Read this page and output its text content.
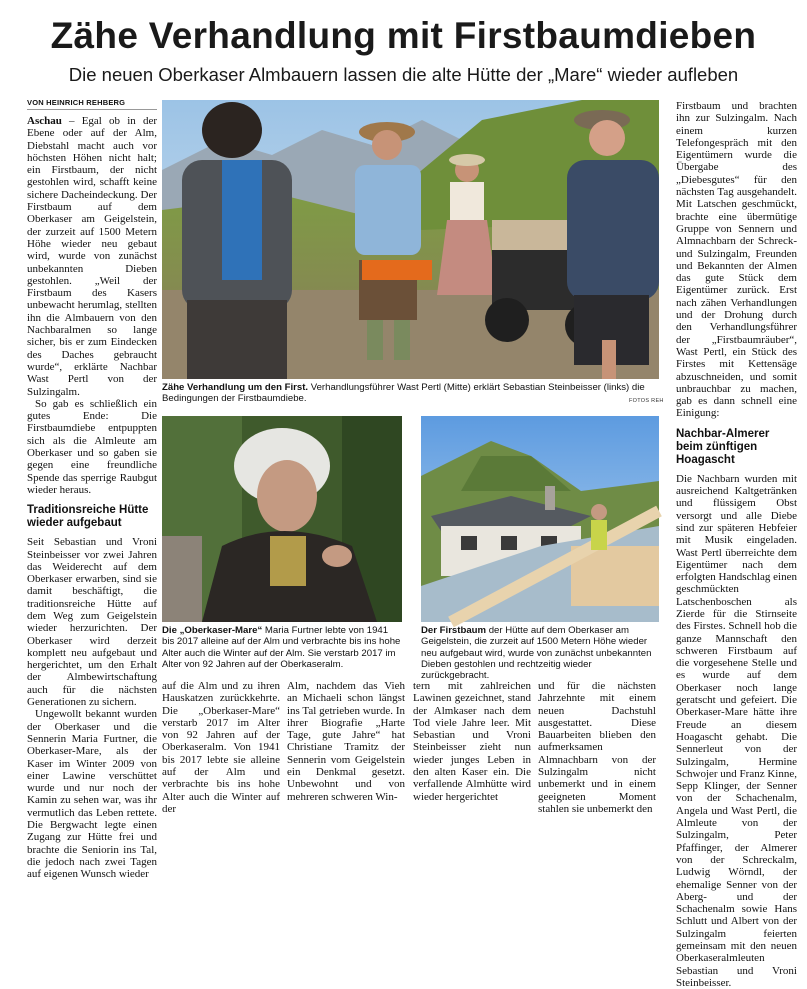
Zähe Verhandlung mit Firstbaumdieben
Die neuen Oberkaser Almbauern lassen die alte Hütte der „Mare“ wieder aufleben
VON HEINRICH REHBERG

Aschau – Egal ob in der Ebene oder auf der Alm, Diebstahl macht auch vor höchsten Höhen nicht halt; ein Firstbaum, der nicht gestohlen wird, schafft keine sichere Dacheindeckung. Der Firstbaum auf dem Oberkaser am Geigelstein, der zurzeit auf 1500 Metern Höhe wieder neu gebaut wird, wurde von zunächst unbekannten Dieben gestohlen. „Weil der Firstbaum des Kasers unbewacht herumlag, stellten ihn die Almbauern von den Nachbaralmen so lange sicher, bis er zum Eindecken des Daches gebraucht wurde“, erklärte Nachbar Wast Pertl von der Sulzingalm.

So gab es schließlich ein gutes Ende: Die Firstbaumdiebe entpuppten sich als die Almleute am Oberkaser und so gaben sie gegen eine freundliche Spende das sperrige Raubgut wieder heraus.

Traditionsreiche Hütte wieder aufgebaut

Seit Sebastian und Vroni Steinbeisser vor zwei Jahren das Weiderecht auf dem Oberkaser erwarben, sind sie damit beschäftigt, die traditionsreiche Hütte auf dem Weg zum Geigelstein wieder herzurichten. Der Oberkaser wird derzeit komplett neu aufgebaut und hergerichtet, um den Erhalt der Almbewirtschaftung auch für die nächsten Generationen zu sichern.

Ungewollt bekannt wurden der Oberkaser und die Sennerin Maria Furtner, die Oberkaser-Mare, als der Kaser im Winter 2009 von einer Lawine verschüttet wurde und nur noch der Kamin zu sehen war, was ihr vermutlich das Leben rettete. Die Bergwacht legte einen Zugang zur Hütte frei und brachte die Seniorin ins Tal, die jedoch nach zwei Tagen auf eigenen Wunsch wieder

Zähe Verhandlung um den First. Verhandlungsführer Wast Pertl (Mitte) erklärt Sebastian Steinbeisser (links) die Bedingungen der Firstbaumdiebe.	FOTOS REH
Die „Oberkaser-Mare“ Maria Furtner lebte von 1941 bis 2017 alleine auf der Alm und verbrachte bis ins hohe Alter auch die Winter auf der Alm. Sie verstarb 2017 im Alter von 92 Jahren auf der Oberkaseralm.
Der Firstbaum der Hütte auf dem Oberkaser am Geigelstein, die zurzeit auf 1500 Metern Höhe wieder neu aufgebaut wird, wurde von zunächst unbekannten Dieben gestohlen und rechtzeitig wieder zurückgebracht.
auf die Alm und zu ihren Hauskatzen zurückkehrte. Die „Oberkaser-Mare“ verstarb 2017 im Alter von 92 Jahren auf der Oberkaseralm. Von 1941 bis 2017 lebte sie alleine auf der Alm und verbrachte bis ins hohe Alter auch die Winter auf der
Alm, nachdem das Vieh an Michaeli schon längst ins Tal getrieben wurde. In ihrer Biografie „Harte Tage, gute Jahre“ hat Christiane Tramitz der Sennerin vom Geigelstein ein Denkmal gesetzt. Unbewohnt und von mehreren schweren Win-
tern mit zahlreichen Lawinen gezeichnet, stand der Almkaser nach dem Tod viele Jahre leer. Mit Sebastian und Vroni Steinbeisser zieht nun wieder junges Leben in den alten Kaser ein. Die verfallende Almhütte wird wieder hergerichtet
und für die nächsten Jahrzehnte mit einem neuen Dachstuhl ausgestattet. Diese Bauarbeiten blieben den aufmerksamen Almnachbarn von der Sulzingalm nicht unbemerkt und in einem geeigneten Moment stahlen sie unbemerkt den

Firstbaum und brachten ihn zur Sulzingalm. Nach einem kurzen Telefongespräch mit den Eigentümern wurde die Übergabe des „Diebesgutes“ für den nächsten Tag ausgehandelt. Mit Latschen geschmückt, brachte eine übermütige Gruppe von Sennern und Almnachbarn der Schreck- und Sulzingalm, Freunden und Bekannten der Almen das gute Stück dem Eigentümer zurück. Erst nach zähen Verhandlungen und der Drohung durch den Verhandlungsführer der „Firstbaumräuber“, Wast Pertl, ein Stück des Firstes mit Kettensäge abzuschneiden, und somit unbrauchbar zu machen, gab es dann schnell eine Einigung:

Nachbar-Almerer beim zünftigen Hoagascht

Die Nachbarn wurden mit ausreichend Kaltgetränken und flüssigem Obst versorgt und alle Diebe sind zur späteren Hebfeier mit Musik eingeladen. Wast Pertl überreichte dem Eigentümer nach dem erfolgten Handschlag einen geschmückten Latschenboschen als Zierde für die Stirnseite des Firstes. Schnell hob die ganze Mannschaft den schweren Firstbaum auf die vorgesehene Stelle und es wurde auf dem Oberkaser noch lange geratscht und gefeiert. Die Oberkaser-Mare hätte ihre Freude an diesem Hoagascht gehabt. Die Sennerleut von der Sulzingalm, Hermine Schwojer und Franz Kinne, Sepp Klinger, der Senner von der Schachenalm, Angela und Wast Pertl, die Almleute von der Sulzingalm, Peter Pfaffinger, der Almerer von der Schreckalm, Ludwig Wörndl, der ehemalige Senner von der Aberg- und der Schachenalm sowie Hans Schlutt und Albert von der Sulzingalm feierten gemeinsam mit den neuen Oberkaseralmleuten Sebastian und Vroni Steinbeisser.
